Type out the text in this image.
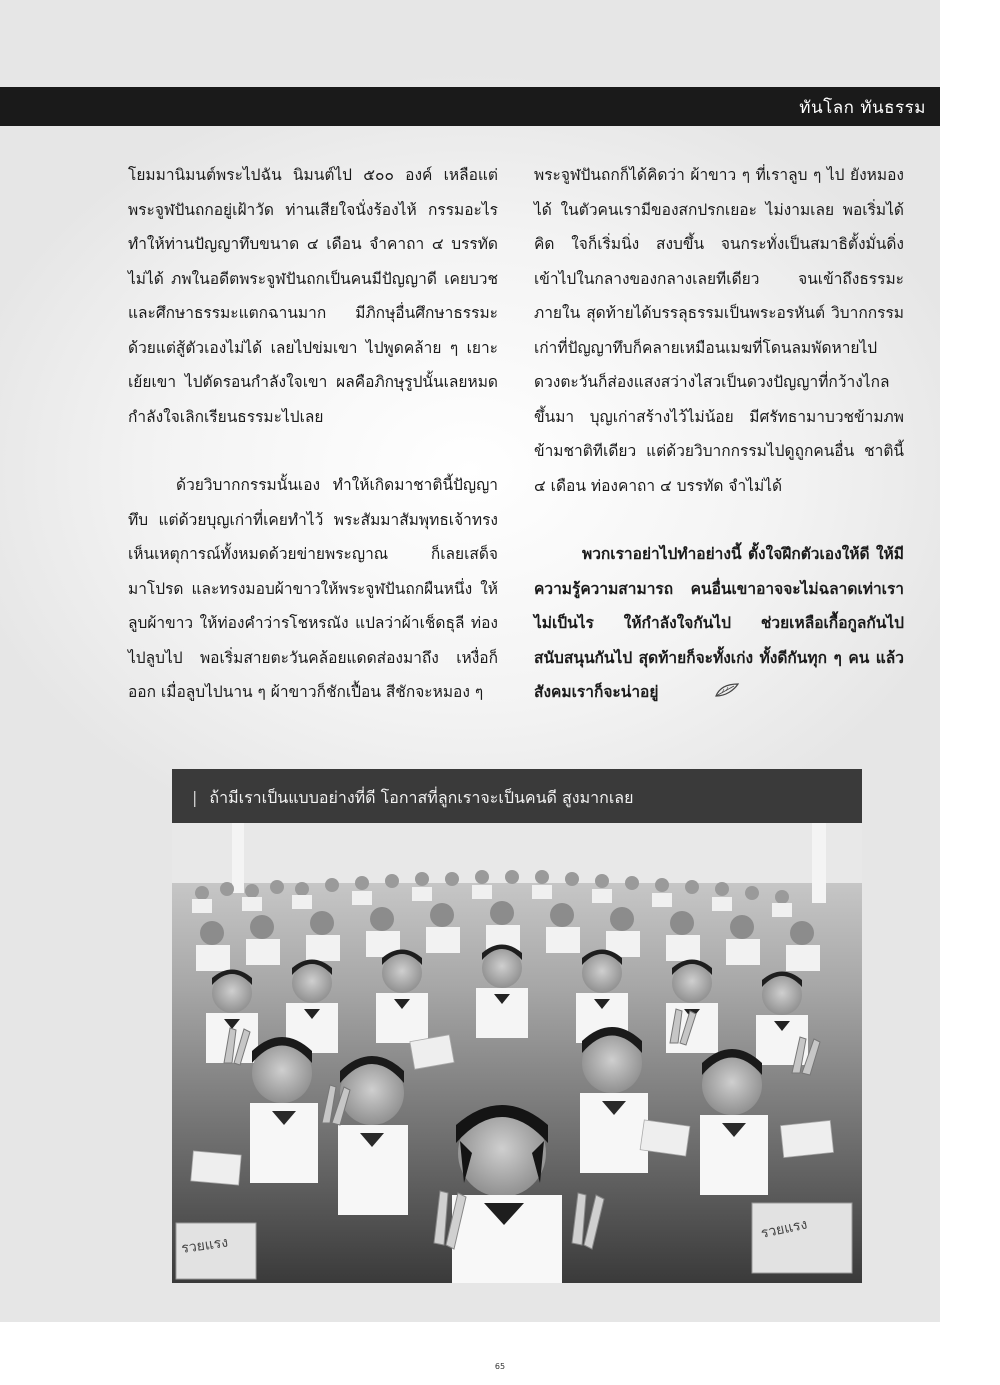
ทันโลก ทันธรรม

โยมมานิมนต์พระไปฉัน นิมนต์ไป ๕๐๐ องค์ เหลือแต่พระจูฬปันถกอยู่เฝ้าวัด ท่านเสียใจนั่งร้องไห้ กรรมอะไรทำให้ท่านปัญญาทึบขนาด ๔ เดือน จำคาถา ๔ บรรทัดไม่ได้ ภพในอดีตพระจูฬปันถกเป็นคนมีปัญญาดี เคยบวชและศึกษาธรรมะแตกฉานมาก มีภิกษุอื่นศึกษาธรรมะด้วยแต่สู้ตัวเองไม่ได้ เลยไปข่มเขา ไปพูดคล้าย ๆ เยาะเย้ยเขา ไปตัดรอนกำลังใจเขา ผลคือภิกษุรูปนั้นเลยหมดกำลังใจเลิกเรียนธรรมะไปเลย

ด้วยวิบากกรรมนั้นเอง ทำให้เกิดมาชาตินี้ปัญญาทึบ แต่ด้วยบุญเก่าที่เคยทำไว้ พระสัมมาสัมพุทธเจ้าทรงเห็นเหตุการณ์ทั้งหมดด้วยข่ายพระญาณ ก็เลยเสด็จมาโปรด และทรงมอบผ้าขาวให้พระจูฬปันถกผืนหนึ่ง ให้ลูบผ้าขาว ให้ท่องคำว่ารโชหรณัง แปลว่าผ้าเช็ดธุลี ท่องไปลูบไป พอเริ่มสายตะวันคล้อยแดดส่องมาถึง เหงื่อก็ออก เมื่อลูบไปนาน ๆ ผ้าขาวก็ชักเปื้อน สีชักจะหมอง ๆ

พระจูฬปันถกก็ได้คิดว่า ผ้าขาว ๆ ที่เราลูบ ๆ ไป ยังหมองได้ ในตัวคนเรามีของสกปรกเยอะ ไม่งามเลย พอเริ่มได้คิด ใจก็เริ่มนิ่ง สงบขึ้น จนกระทั่งเป็นสมาธิตั้งมั่นดิ่งเข้าไปในกลางของกลางเลยทีเดียว จนเข้าถึงธรรมะภายใน สุดท้ายได้บรรลุธรรมเป็นพระอรหันต์ วิบากกรรมเก่าที่ปัญญาทึบก็คลายเหมือนเมฆที่โดนลมพัดหายไป ดวงตะวันก็ส่องแสงสว่างไสวเป็นดวงปัญญาที่กว้างไกลขึ้นมา บุญเก่าสร้างไว้ไม่น้อย มีศรัทธามาบวชข้ามภพข้ามชาติทีเดียว แต่ด้วยวิบากกรรมไปดูถูกคนอื่น ชาตินี้ ๔ เดือน ท่องคาถา ๔ บรรทัด จำไม่ได้

พวกเราอย่าไปทำอย่างนี้ ตั้งใจฝึกตัวเองให้ดี ให้มีความรู้ความสามารถ คนอื่นเขาอาจจะไม่ฉลาดเท่าเรา ไม่เป็นไร ให้กำลังใจกันไป ช่วยเหลือเกื้อกูลกันไป สนับสนุนกันไป สุดท้ายก็จะทั้งเก่ง ทั้งดีกันทุก ๆ คน แล้วสังคมเราก็จะน่าอยู่

| ถ้ามีเราเป็นแบบอย่างที่ดี โอกาสที่ลูกเราจะเป็นคนดี สูงมากเลย
รวยแรง
รวยแรง
65
